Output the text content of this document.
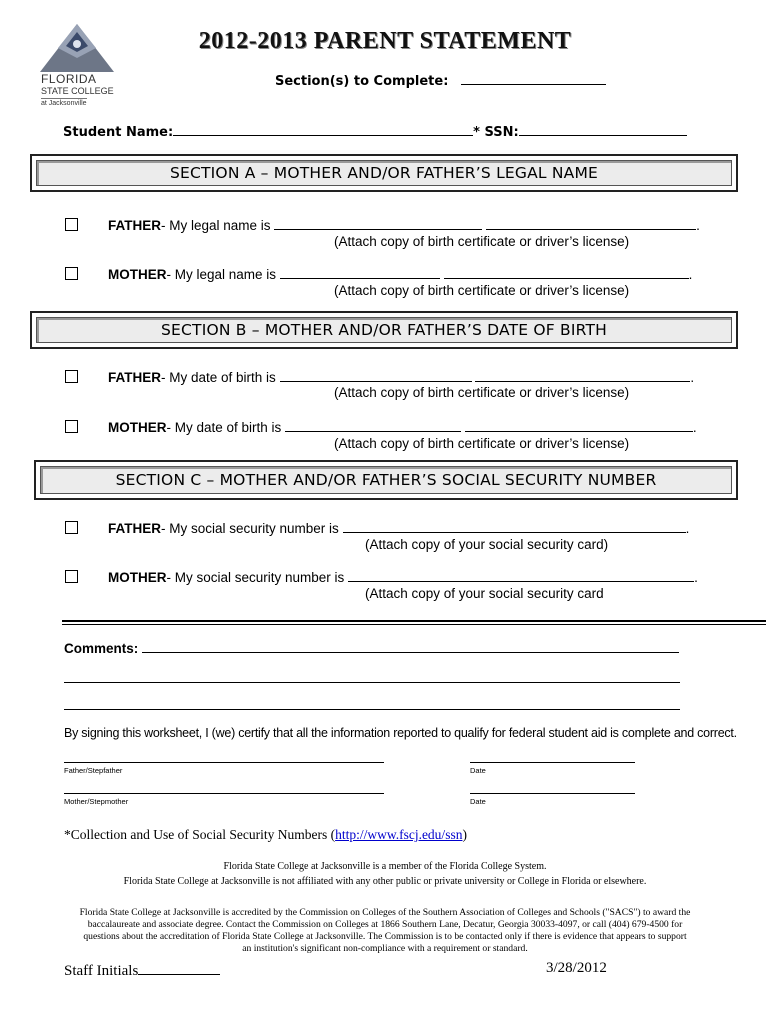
FLORIDA
STATE COLLEGE
at Jacksonville
2012-2013 PARENT STATEMENT
Section(s) to Complete:
Student Name:	* SSN:
SECTION A – MOTHER AND/OR FATHER’S LEGAL NAME
FATHER- My legal name is	.
(Attach copy of birth certificate or driver’s license)
MOTHER- My legal name is	.
(Attach copy of birth certificate or driver’s license)
SECTION B – MOTHER AND/OR FATHER’S DATE OF BIRTH
FATHER- My date of birth is	.
(Attach copy of birth certificate or driver’s license)
MOTHER- My date of birth is	.
(Attach copy of birth certificate or driver’s license)
SECTION C – MOTHER AND/OR FATHER’S SOCIAL SECURITY NUMBER
FATHER- My social security number is	.
(Attach copy of your social security card)
MOTHER- My social security number is	.
(Attach copy of your social security card
Comments:
By signing this worksheet, I (we) certify that all the information reported to qualify for federal student aid is complete and correct.
Father/Stepfather	Date
Mother/Stepmother	Date
*Collection and Use of Social Security Numbers (http://www.fscj.edu/ssn)
Florida State College at Jacksonville is a member of the Florida College System.
Florida State College at Jacksonville is not affiliated with any other public or private university or College in Florida or elsewhere.
Florida State College at Jacksonville is accredited by the Commission on Colleges of the Southern Association of Colleges and Schools ("SACS") to award the
baccalaureate and associate degree. Contact the Commission on Colleges at 1866 Southern Lane, Decatur, Georgia 30033-4097, or call (404) 679-4500 for
questions about the accreditation of Florida State College at Jacksonville. The Commission is to be contacted only if there is evidence that appears to support
an institution's significant non-compliance with a requirement or standard.
Staff Initials	3/28/2012
